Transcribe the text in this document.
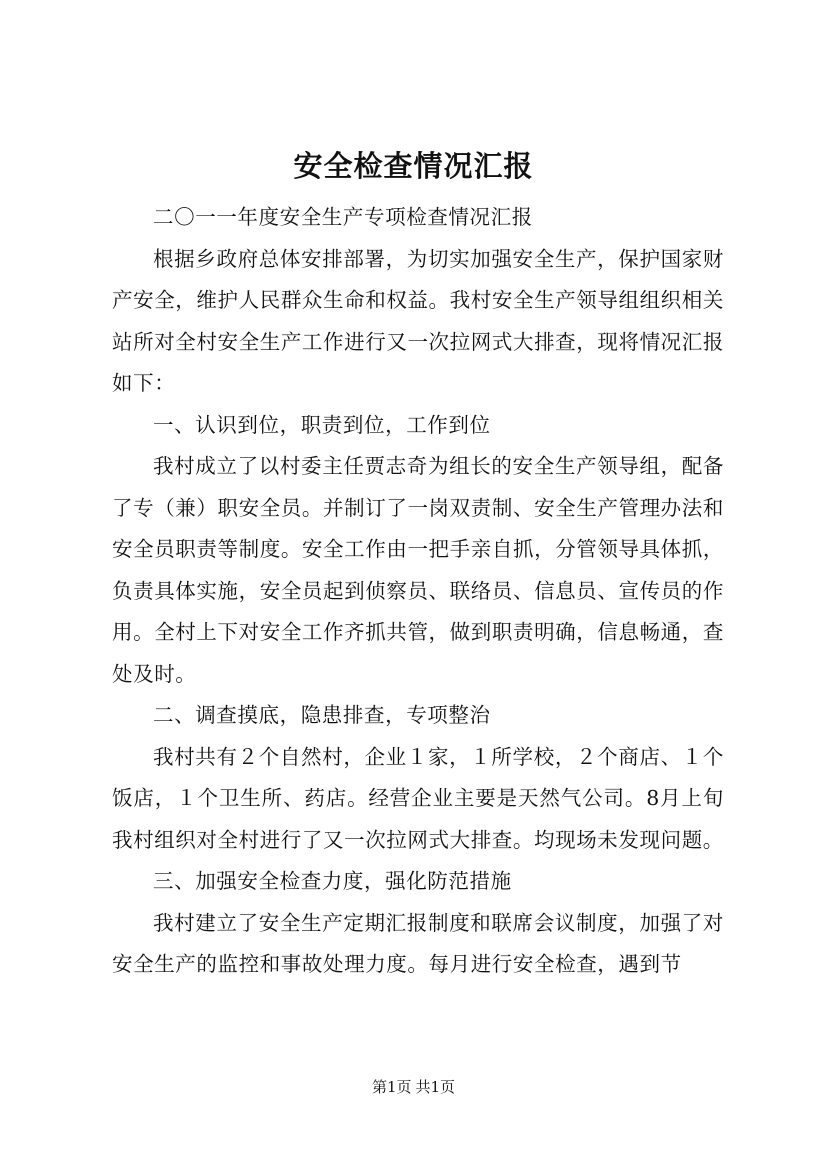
安全检查情况汇报

二〇一一年度安全生产专项检查情况汇报

根据乡政府总体安排部署，为切实加强安全生产，保护国家财产安全，维护人民群众生命和权益。我村安全生产领导组组织相关站所对全村安全生产工作进行又一次拉网式大排查，现将情况汇报如下：

一、认识到位，职责到位，工作到位

我村成立了以村委主任贾志奇为组长的安全生产领导组，配备了专（兼）职安全员。并制订了一岗双责制、安全生产管理办法和安全员职责等制度。安全工作由一把手亲自抓，分管领导具体抓，负责具体实施，安全员起到侦察员、联络员、信息员、宣传员的作用。全村上下对安全工作齐抓共管，做到职责明确，信息畅通，查处及时。

二、调查摸底，隐患排查，专项整治

我村共有２个自然村，企业１家，１所学校，２个商店、１个饭店，１个卫生所、药店。经营企业主要是天然气公司。8月上旬我村组织对全村进行了又一次拉网式大排查。均现场未发现问题。

三、加强安全检查力度，强化防范措施

我村建立了安全生产定期汇报制度和联席会议制度，加强了对安全生产的监控和事故处理力度。每月进行安全检查，遇到节

第1页 共1页
